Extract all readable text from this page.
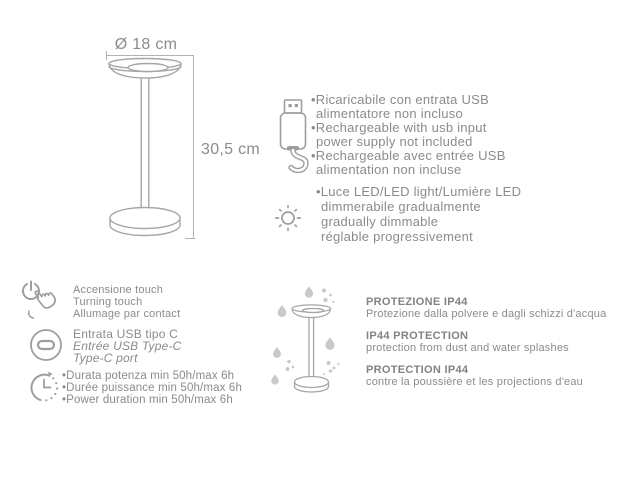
Ø 18 cm
30,5 cm
•Ricaricabile con entrata USB
alimentatore non incluso
•Rechargeable with usb input
power supply not included
•Rechargeable avec entrée USB
alimentation non incluse
•Luce LED/LED light/Lumière LED
dimmerabile gradualmente
gradually dimmable
réglable progressivement
Accensione touch
Turning touch
Allumage par contact
Entrata USB tipo C
Entrée USB Type-C
Type-C port
•Durata potenza min 50h/max 6h
•Durée puissance min 50h/max 6h
•Power duration min 50h/max 6h
PROTEZIONE IP44
Protezione dalla polvere e dagli schizzi d'acqua
IP44 PROTECTION
protection from dust and water splashes
PROTECTION IP44
contre la poussière et les projections d'eau
